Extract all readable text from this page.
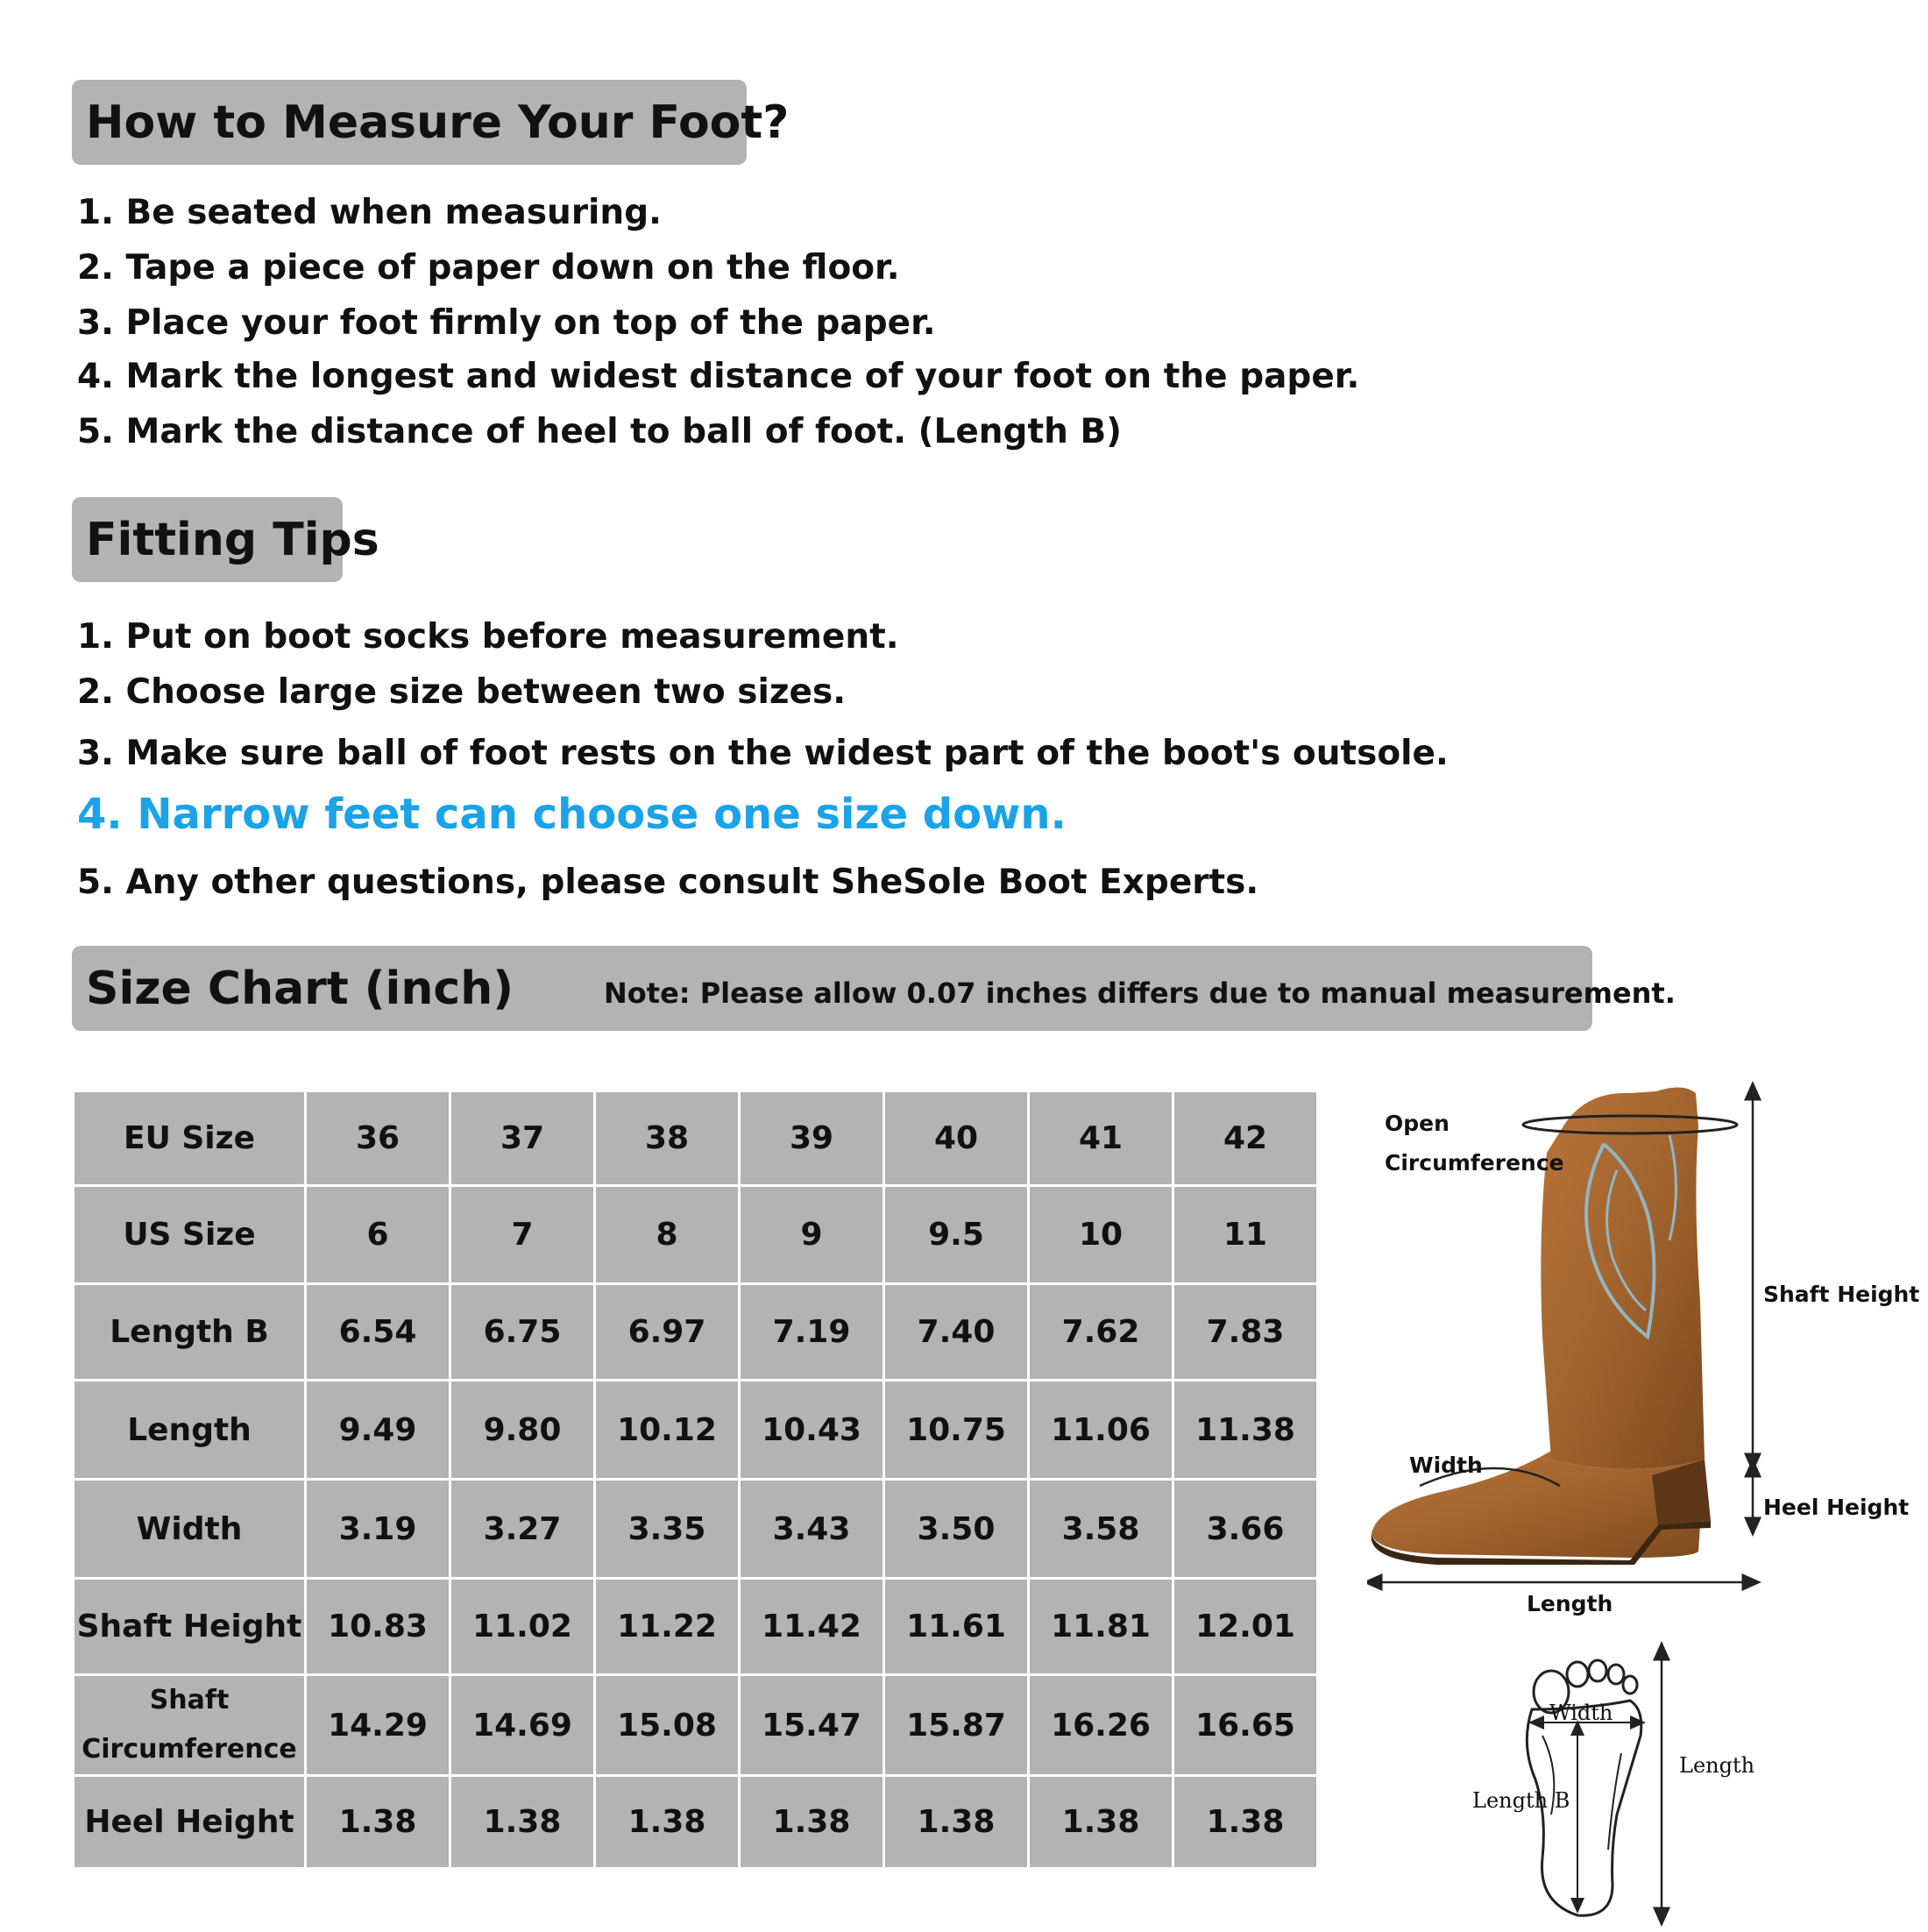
How to Measure Your Foot?
1. Be seated when measuring.
2. Tape a piece of paper down on the floor.
3. Place your foot firmly on top of the paper.
4. Mark the longest and widest distance of your foot on the paper.
5. Mark the distance of heel to ball of foot. (Length B)
Fitting Tips
1. Put on boot socks before measurement.
2. Choose large size between two sizes.
3. Make sure ball of foot rests on the widest part of the boot's outsole.
4. Narrow feet can choose one size down.
5. Any other questions, please consult SheSole Boot Experts.
Size Chart (inch)	Note: Please allow 0.07 inches differs due to manual measurement.
EU Size	36	37	38	39	40	41	42
US Size	6	7	8	9	9.5	10	11
Length B	6.54	6.75	6.97	7.19	7.40	7.62	7.83
Length	9.49	9.80	10.12	10.43	10.75	11.06	11.38
Width	3.19	3.27	3.35	3.43	3.50	3.58	3.66
Shaft Height	10.83	11.02	11.22	11.42	11.61	11.81	12.01
Shaft Circumference	14.29	14.69	15.08	15.47	15.87	16.26	16.65
Heel Height	1.38	1.38	1.38	1.38	1.38	1.38	1.38
Open
Circumference
Shaft Height
Width
Heel Height
Length
Width
Length B
Length
